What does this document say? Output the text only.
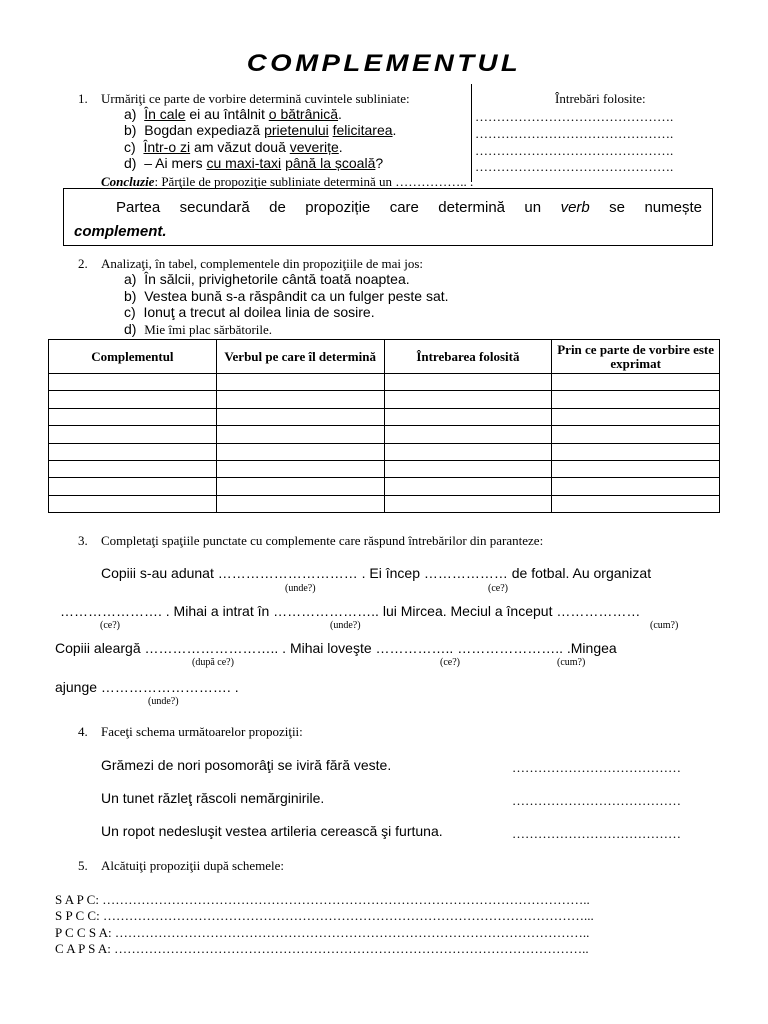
COMPLEMENTUL
1. Urmăriţi ce parte de vorbire determină cuvintele subliniate:	Întrebări folosite:
a) În cale ei au întâlnit o bătrânică.
b) Bogdan expediază prietenului felicitarea.
c) Într-o zi am văzut două veverițe.
d) – Ai mers cu maxi-taxi până la școală?
……………………………………….
……………………………………….
……………………………………….
……………………………………….
Concluzie: Părţile de propoziţie subliniate determină un …………….. .
Partea secundară de propoziție care determină un verb se numește
complement.
2. Analizaţi, în tabel, complementele din propoziţiile de mai jos:
a) În sălcii, privighetorile cântă toată noaptea.
b) Vestea bună s-a răspândit ca un fulger peste sat.
c) Ionuţ a trecut al doilea linia de sosire.
d) Mie îmi plac sărbătorile.
Complementul	Verbul pe care îl determină	Întrebarea folosită	Prin ce parte de vorbire este exprimat

3. Completaţi spaţiile punctate cu complemente care răspund întrebărilor din paranteze:
Copiii s-au adunat ………………………… . Ei încep ……………… de fotbal. Au organizat
(unde?)	(ce?)
…………………. . Mihai a intrat în ………………….. lui Mircea. Meciul a început ………………
(ce?)	(unde?)	(cum?)
Copiii aleargă ……………………….. . Mihai loveşte …………….. ………………….. .Mingea
(după ce?)	(ce?)	(cum?)
ajunge ………………………. .
(unde?)
4. Faceţi schema următoarelor propoziţii:
Grămezi de nori posomorâţi se iviră fără veste.	…………………………………
Un tunet răzleţ răscoli nemărginirile.	…………………………………
Un ropot nedesluşit vestea artileria cerească şi furtuna.	…………………………………
5. Alcătuiţi propoziţii după schemele:
S A P C: …………………………………………………………………………………………………..
S P C C: …………………………………………………………………………………………………...
P C C S A: ………………………………………………………………………………………………..
C A P S A: ………………………………………………………………………………………………..
